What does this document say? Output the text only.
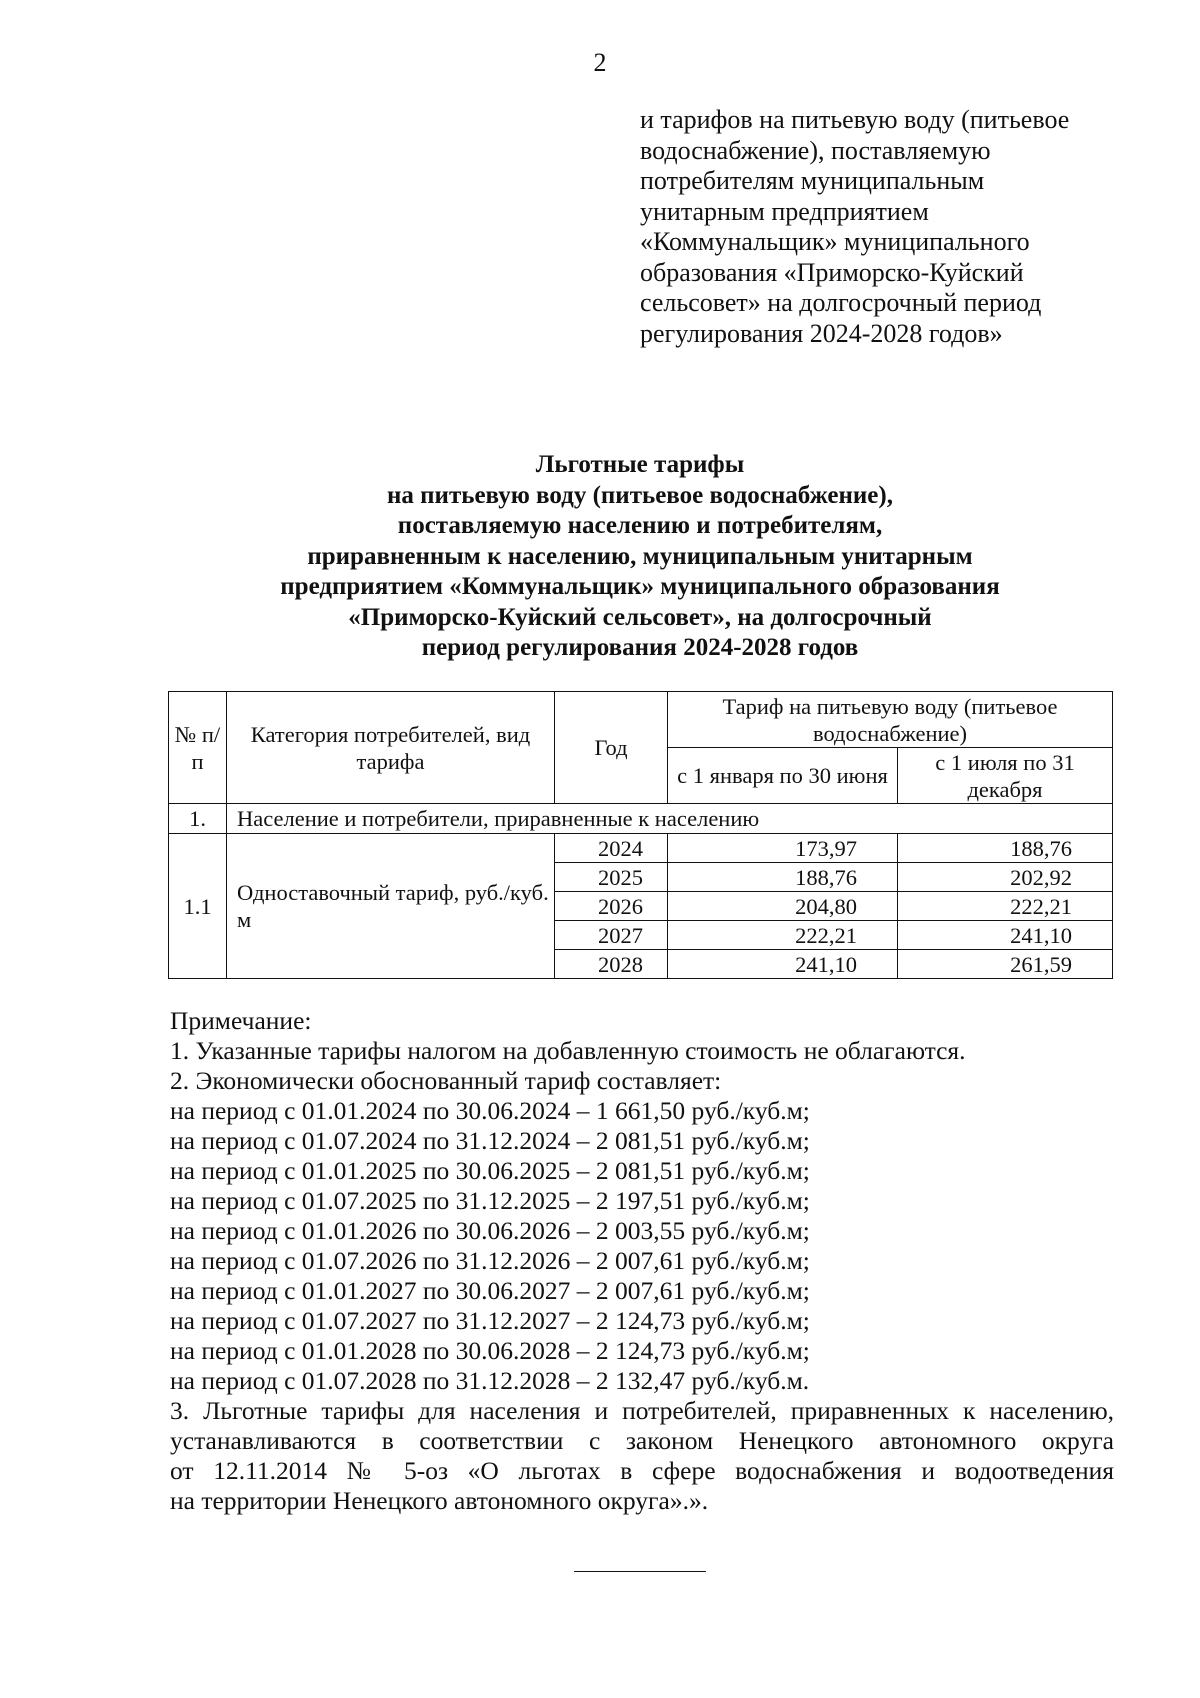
2
и тарифов на питьевую воду (питьевое
водоснабжение), поставляемую
потребителям муниципальным
унитарным предприятием
«Коммунальщик» муниципального
образования «Приморско-Куйский
сельсовет» на долгосрочный период
регулирования 2024-2028 годов»
Льготные тарифы
на питьевую воду (питьевое водоснабжение),
поставляемую населению и потребителям,
приравненным к населению, муниципальным унитарным
предприятием «Коммунальщик» муниципального образования
«Приморско-Куйский сельсовет», на долгосрочный
период регулирования 2024-2028 годов
№ п/п	Категория потребителей, вид тарифа	Год	Тариф на питьевую воду (питьевое водоснабжение)	
			с 1 января по 30 июня	с 1 июля по 31 декабря
1.	Население и потребители, приравненные к населению			
1.1	Одноставочный тариф, руб./куб. м	2024	173,97	188,76
		2025	188,76	202,92
		2026	204,80	222,21
		2027	222,21	241,10
		2028	241,10	261,59
Примечание:
1. Указанные тарифы налогом на добавленную стоимость не облагаются.
2. Экономически обоснованный тариф составляет:
на период с 01.01.2024 по 30.06.2024 – 1 661,50 руб./куб.м;
на период с 01.07.2024 по 31.12.2024 – 2 081,51 руб./куб.м;
на период с 01.01.2025 по 30.06.2025 – 2 081,51 руб./куб.м;
на период с 01.07.2025 по 31.12.2025 – 2 197,51 руб./куб.м;
на период с 01.01.2026 по 30.06.2026 – 2 003,55 руб./куб.м;
на период с 01.07.2026 по 31.12.2026 – 2 007,61 руб./куб.м;
на период с 01.01.2027 по 30.06.2027 – 2 007,61 руб./куб.м;
на период с 01.07.2027 по 31.12.2027 – 2 124,73 руб./куб.м;
на период с 01.01.2028 по 30.06.2028 – 2 124,73 руб./куб.м;
на период с 01.07.2028 по 31.12.2028 – 2 132,47 руб./куб.м.
3. Льготные тарифы для населения и потребителей, приравненных к населению,
устанавливаются в соответствии с законом Ненецкого автономного округа
от 12.11.2014 № 5-оз «О льготах в сфере водоснабжения и водоотведения
на территории Ненецкого автономного округа».».
